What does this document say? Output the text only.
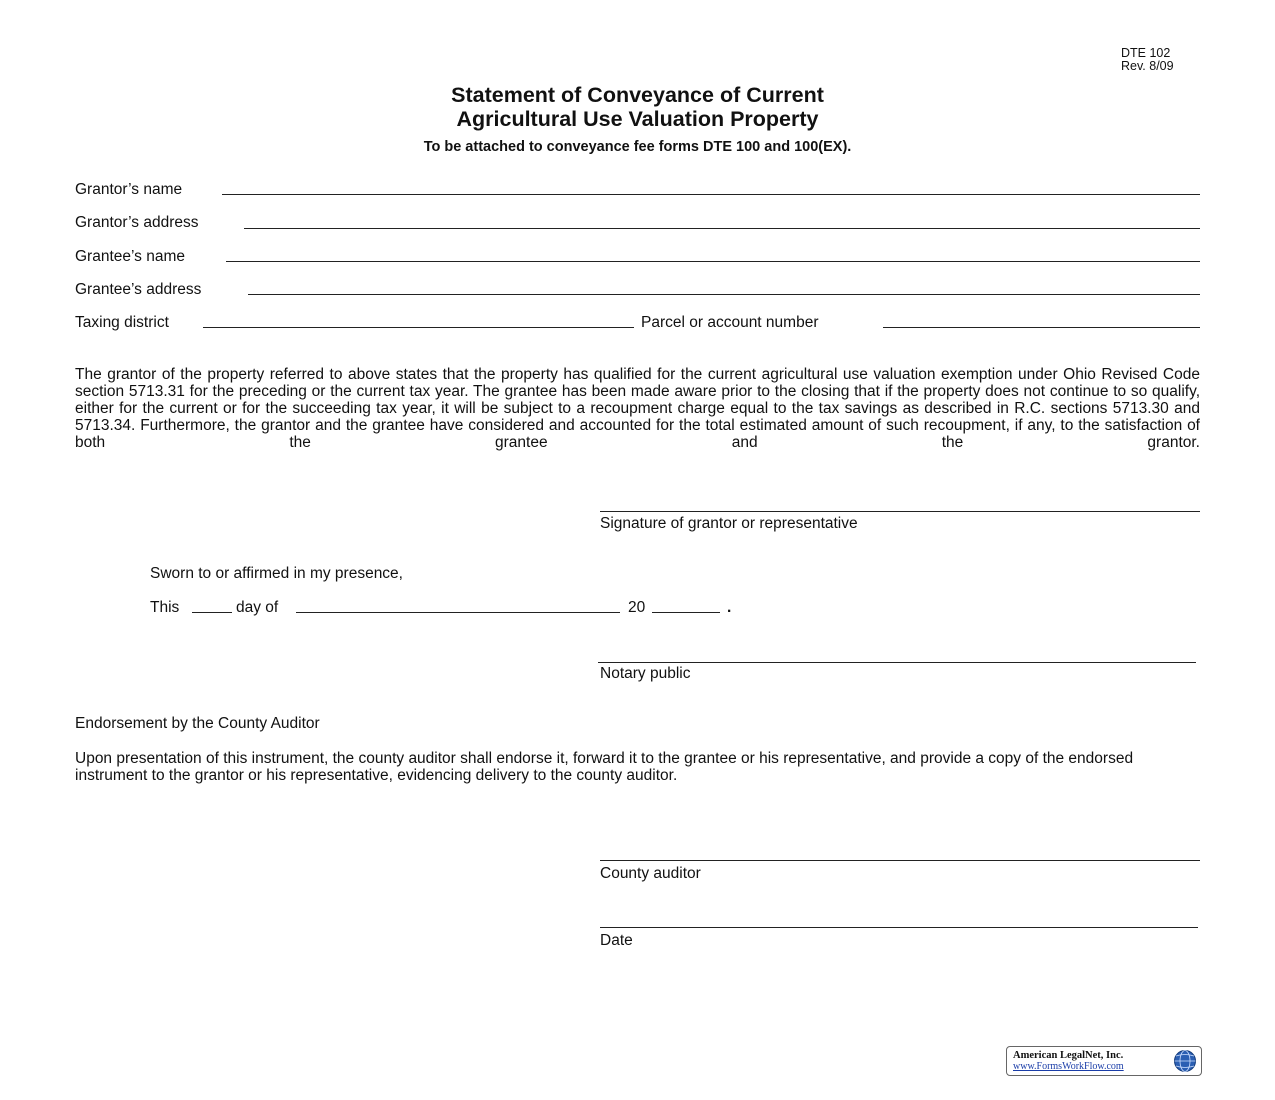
DTE 102
Rev. 8/09
Statement of Conveyance of Current
Agricultural Use Valuation Property
To be attached to conveyance fee forms DTE 100 and 100(EX).
Grantor’s name
Grantor’s address
Grantee’s name
Grantee’s address
Taxing district	Parcel or account number
The grantor of the property referred to above states that the property has qualified for the current agricultural use valuation exemption under Ohio Revised Code section 5713.31 for the preceding or the current tax year. The grantee has been made aware prior to the closing that if the property does not continue to so qualify, either for the current or for the succeeding tax year, it will be subject to a recoupment charge equal to the tax savings as described in R.C. sections 5713.30 and 5713.34. Furthermore, the grantor and the grantee have considered and accounted for the total estimated amount of such recoupment, if any, to the satisfaction of both the grantee and the grantor.
Signature of grantor or representative
Sworn to or affirmed in my presence,
This	day of	20	.
Notary public
Endorsement by the County Auditor
Upon presentation of this instrument, the county auditor shall endorse it, forward it to the grantee or his representative, and provide a copy of the endorsed instrument to the grantor or his representative, evidencing delivery to the county auditor.
County auditor
Date
American LegalNet, Inc.
www.FormsWorkFlow.com
